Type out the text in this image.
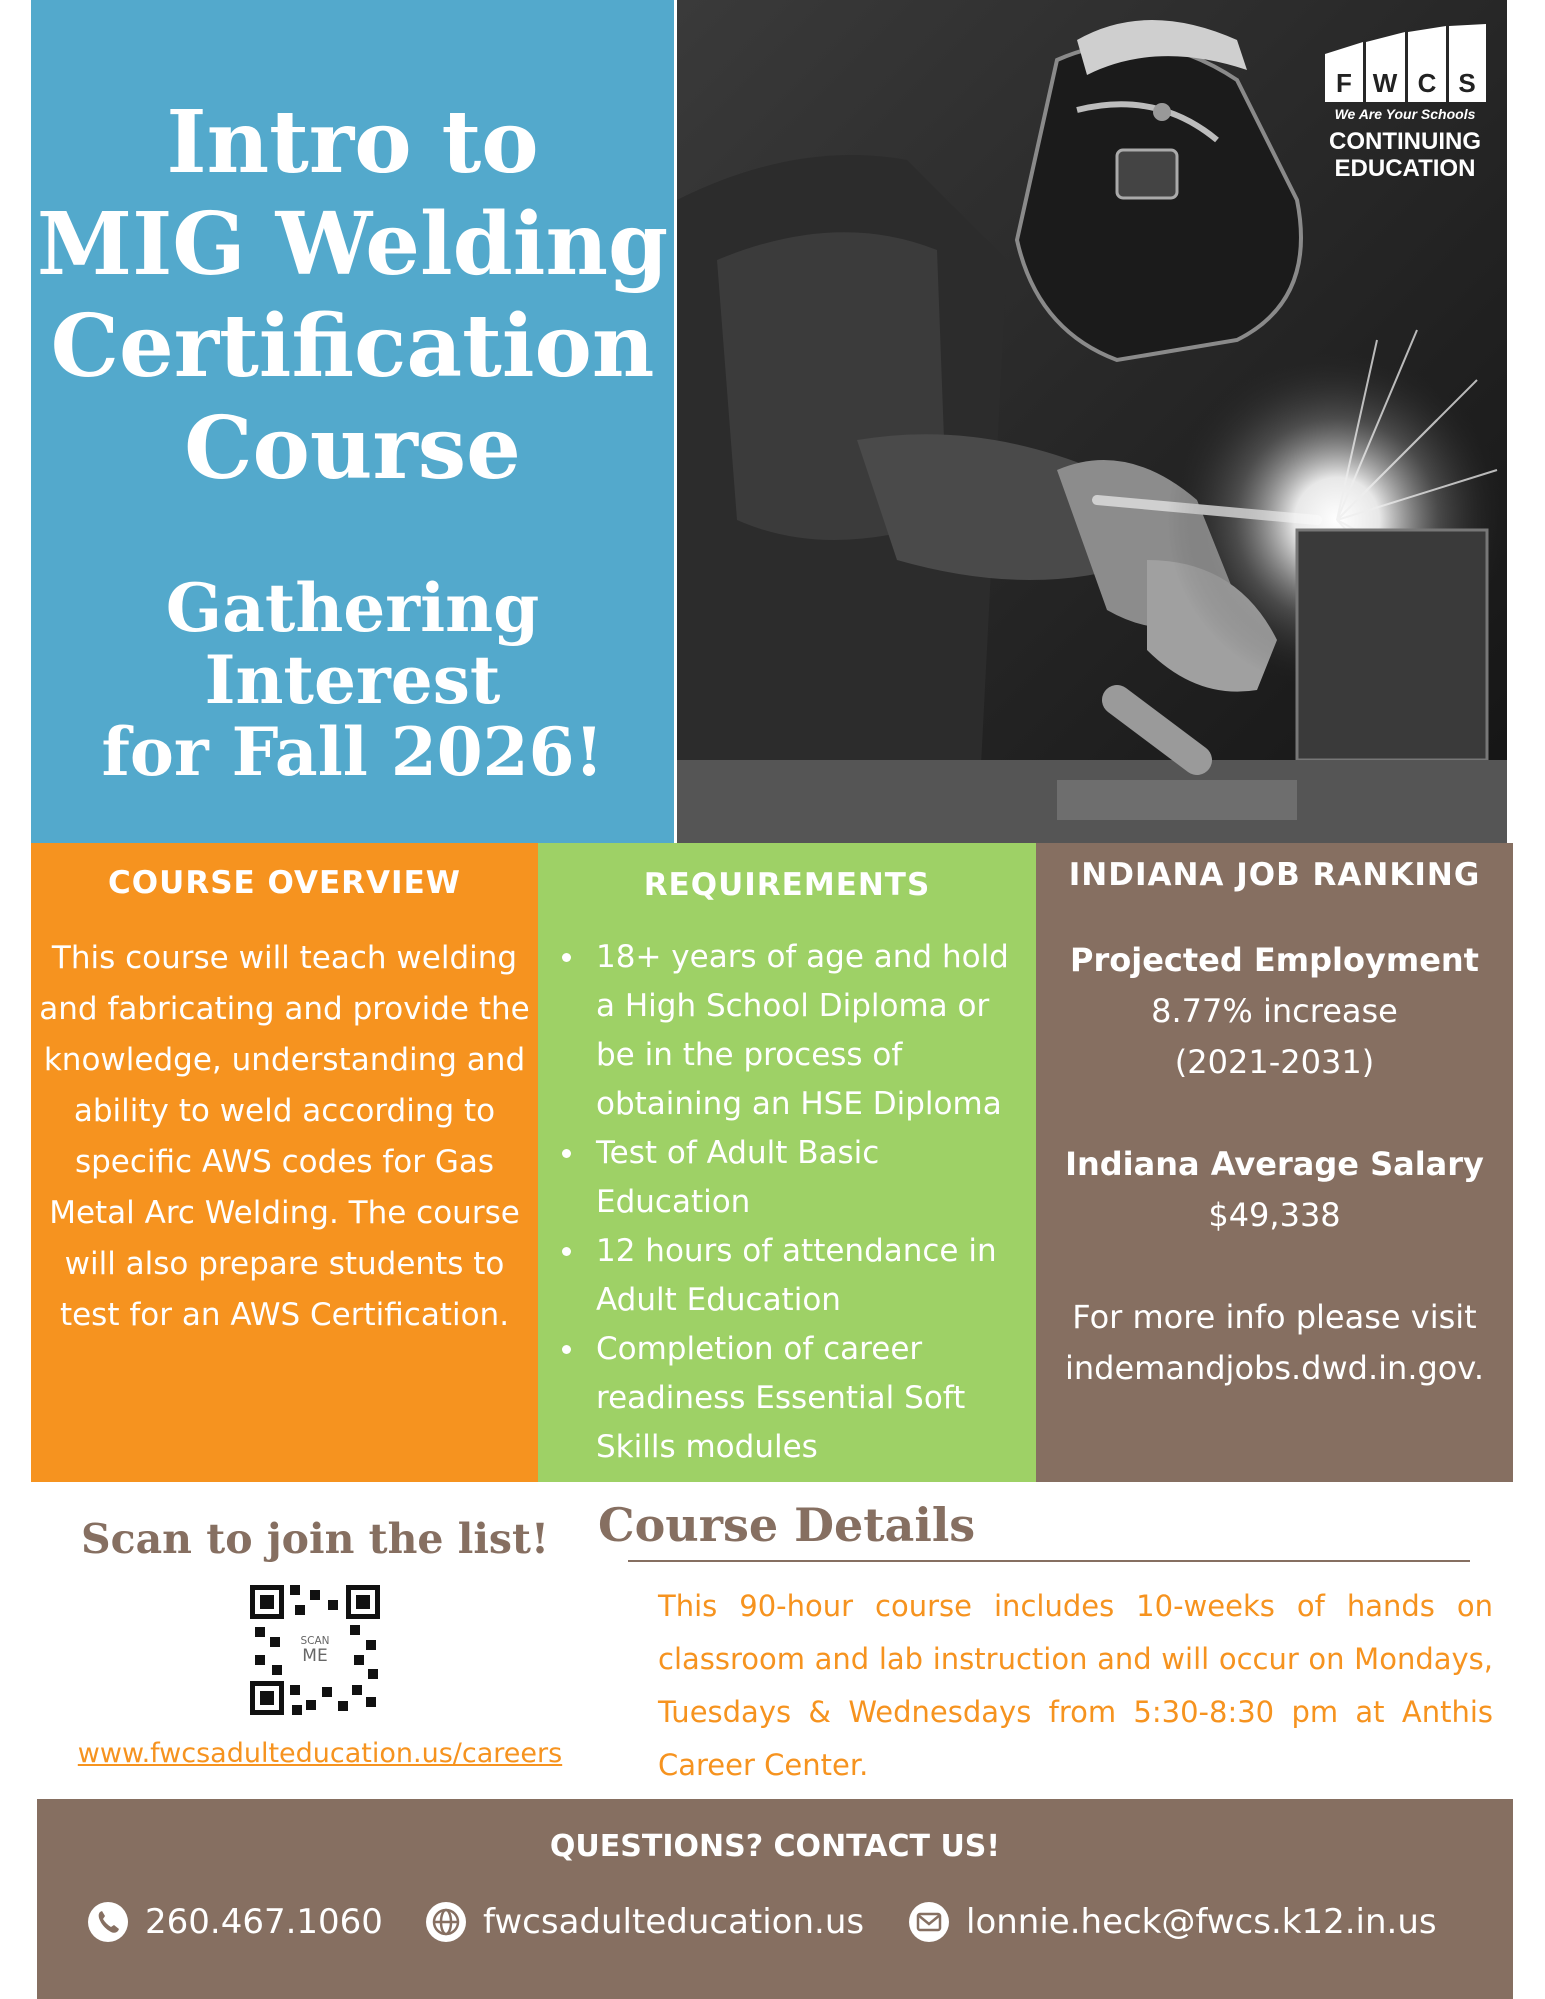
Intro to
MIG Welding
Certification
Course
Gathering Interest
for Fall 2026!
F W C S
We Are Your Schools
CONTINUING
EDUCATION
COURSE OVERVIEW
This course will teach welding and fabricating and provide the knowledge, understanding and ability to weld according to specific AWS codes for Gas Metal Arc Welding. The course will also prepare students to test for an AWS Certification.
REQUIREMENTS
18+ years of age and hold a High School Diploma or be in the process of obtaining an HSE Diploma
Test of Adult Basic Education
12 hours of attendance in Adult Education
Completion of career readiness Essential Soft Skills modules
INDIANA JOB RANKING
Projected Employment
8.77% increase
(2021-2031)
Indiana Average Salary
$49,338
For more info please visit
indemandjobs.dwd.in.gov.
Scan to join the list!
SCAN
ME
www.fwcsadulteducation.us/careers
Course Details
This 90-hour course includes 10-weeks of hands on classroom and lab instruction and will occur on Mondays, Tuesdays & Wednesdays from 5:30-8:30 pm at Anthis Career Center.
QUESTIONS? CONTACT US!
260.467.1060	fwcsadulteducation.us	lonnie.heck@fwcs.k12.in.us
